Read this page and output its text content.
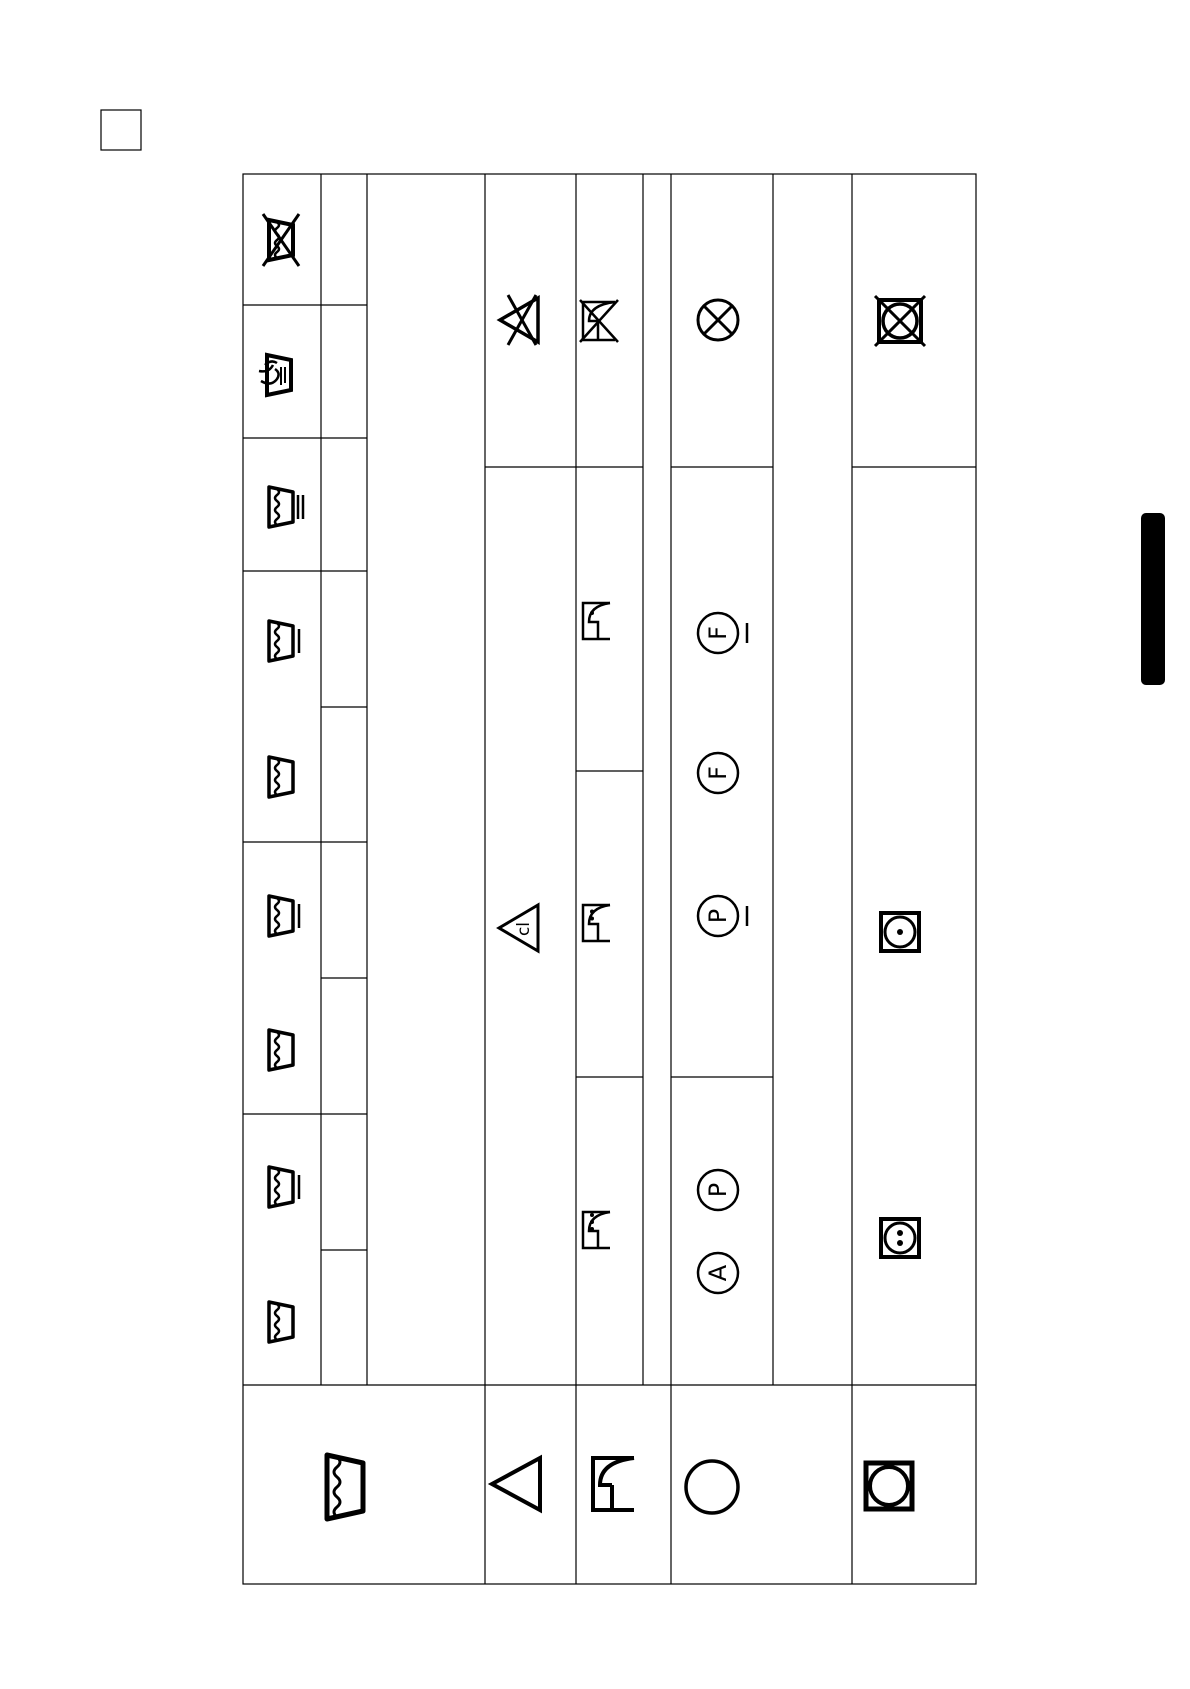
cl
A
P
P
F
F
